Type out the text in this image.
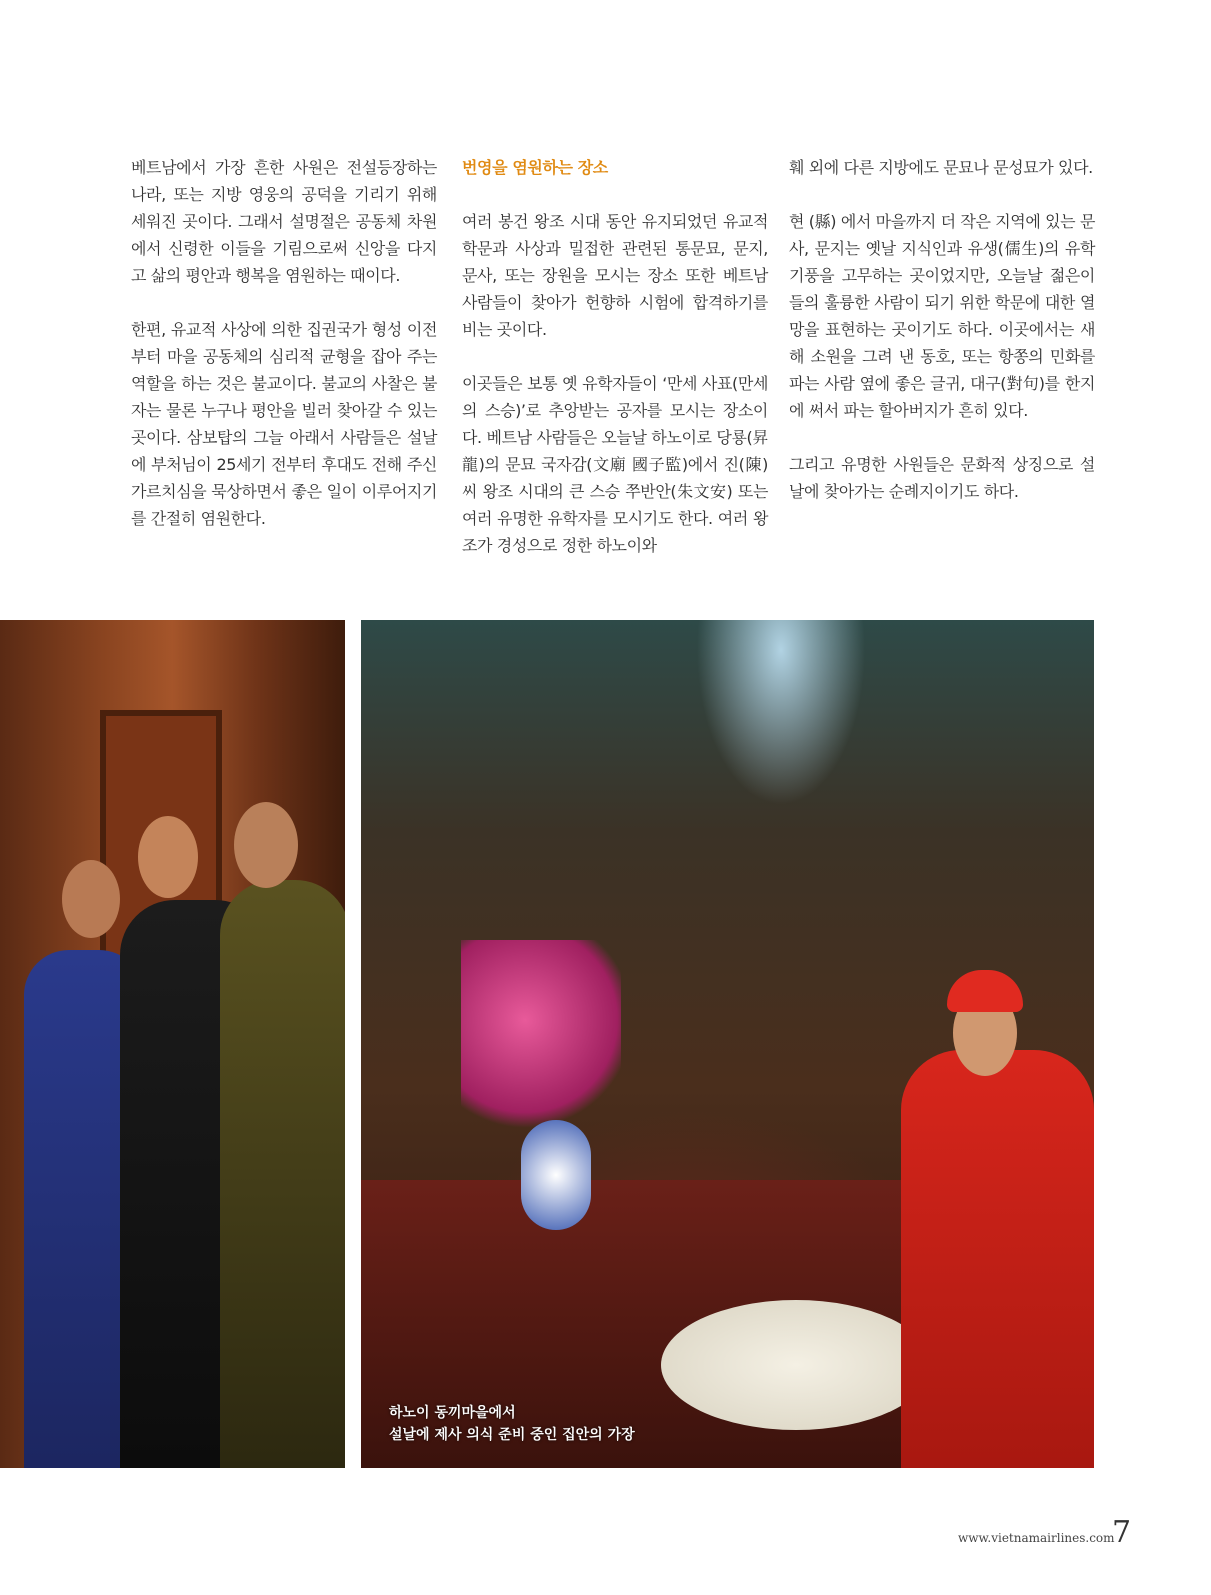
베트남에서 가장 흔한 사원은 전설등장하는 나라, 또는 지방 영웅의 공덕을 기리기 위해 세워진 곳이다. 그래서 설명절은 공동체 차원에서 신령한 이들을 기림으로써 신앙을 다지고 삶의 평안과 행복을 염원하는 때이다.

한편, 유교적 사상에 의한 집권국가 형성 이전부터 마을 공동체의 심리적 균형을 잡아 주는 역할을 하는 것은 불교이다. 불교의 사찰은 불자는 물론 누구나 평안을 빌러 찾아갈 수 있는 곳이다. 삼보탑의 그늘 아래서 사람들은 설날에 부처님이 25세기 전부터 후대도 전해 주신 가르치심을 묵상하면서 좋은 일이 이루어지기를 간절히 염원한다.

번영을 염원하는 장소

여러 봉건 왕조 시대 동안 유지되었던 유교적 학문과 사상과 밀접한 관련된 통문묘, 문지, 문사, 또는 장원을 모시는 장소 또한 베트남 사람들이 찾아가 헌향하 시험에 합격하기를 비는 곳이다.

이곳들은 보통 옛 유학자들이 ‘만세 사표(만세의 스승)’로 추앙받는 공자를 모시는 장소이다. 베트남 사람들은 오늘날 하노이로 당룡(昇龍)의 문묘 국자감(文廟 國子監)에서 진(陳)씨 왕조 시대의 큰 스승 쭈반안(朱文安) 또는 여러 유명한 유학자를 모시기도 한다. 여러 왕조가 경성으로 정한 하노이와

훼 외에 다른 지방에도 문묘나 문성묘가 있다.

현 (縣) 에서 마을까지 더 작은 지역에 있는 문사, 문지는 옛날 지식인과 유생(儒生)의 유학 기풍을 고무하는 곳이었지만, 오늘날 젊은이들의 훌륭한 사람이 되기 위한 학문에 대한 열망을 표현하는 곳이기도 하다. 이곳에서는 새해 소원을 그려 낸 동호, 또는 항쫑의 민화를 파는 사람 옆에 좋은 글귀, 대구(對句)를 한지에 써서 파는 할아버지가 흔히 있다.

그리고 유명한 사원들은 문화적 상징으로 설날에 찾아가는 순례지이기도 하다.

하노이 동끼마을에서
설날에 제사 의식 준비 중인 집안의 가장
www.vietnamairlines.com
7
